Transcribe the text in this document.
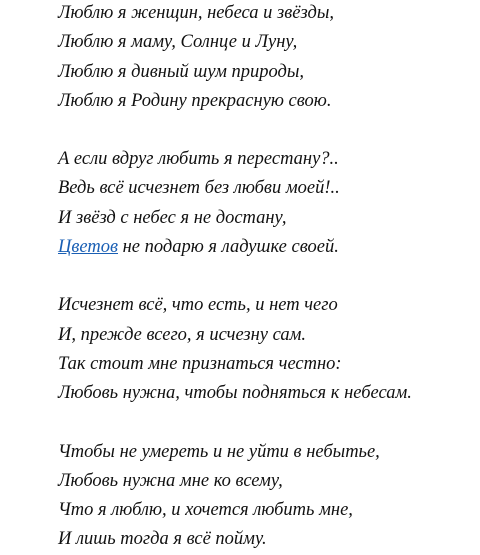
Люблю я женщин, небеса и звёзды,
Люблю я маму, Солнце и Луну,
Люблю я дивный шум природы,
Люблю я Родину прекрасную свою.
А если вдруг любить я перестану?..
Ведь всё исчезнет без любви моей!..
И звёзд с небес я не достану,
Цветов не подарю я ладушке своей.
Исчезнет всё, что есть, и нет чего
И, прежде всего, я исчезну сам.
Так стоит мне признаться честно:
Любовь нужна, чтобы подняться к небесам.
Чтобы не умереть и не уйти в небытье,
Любовь нужна мне ко всему,
Что я люблю, и хочется любить мне,
И лишь тогда я всё пойму.
